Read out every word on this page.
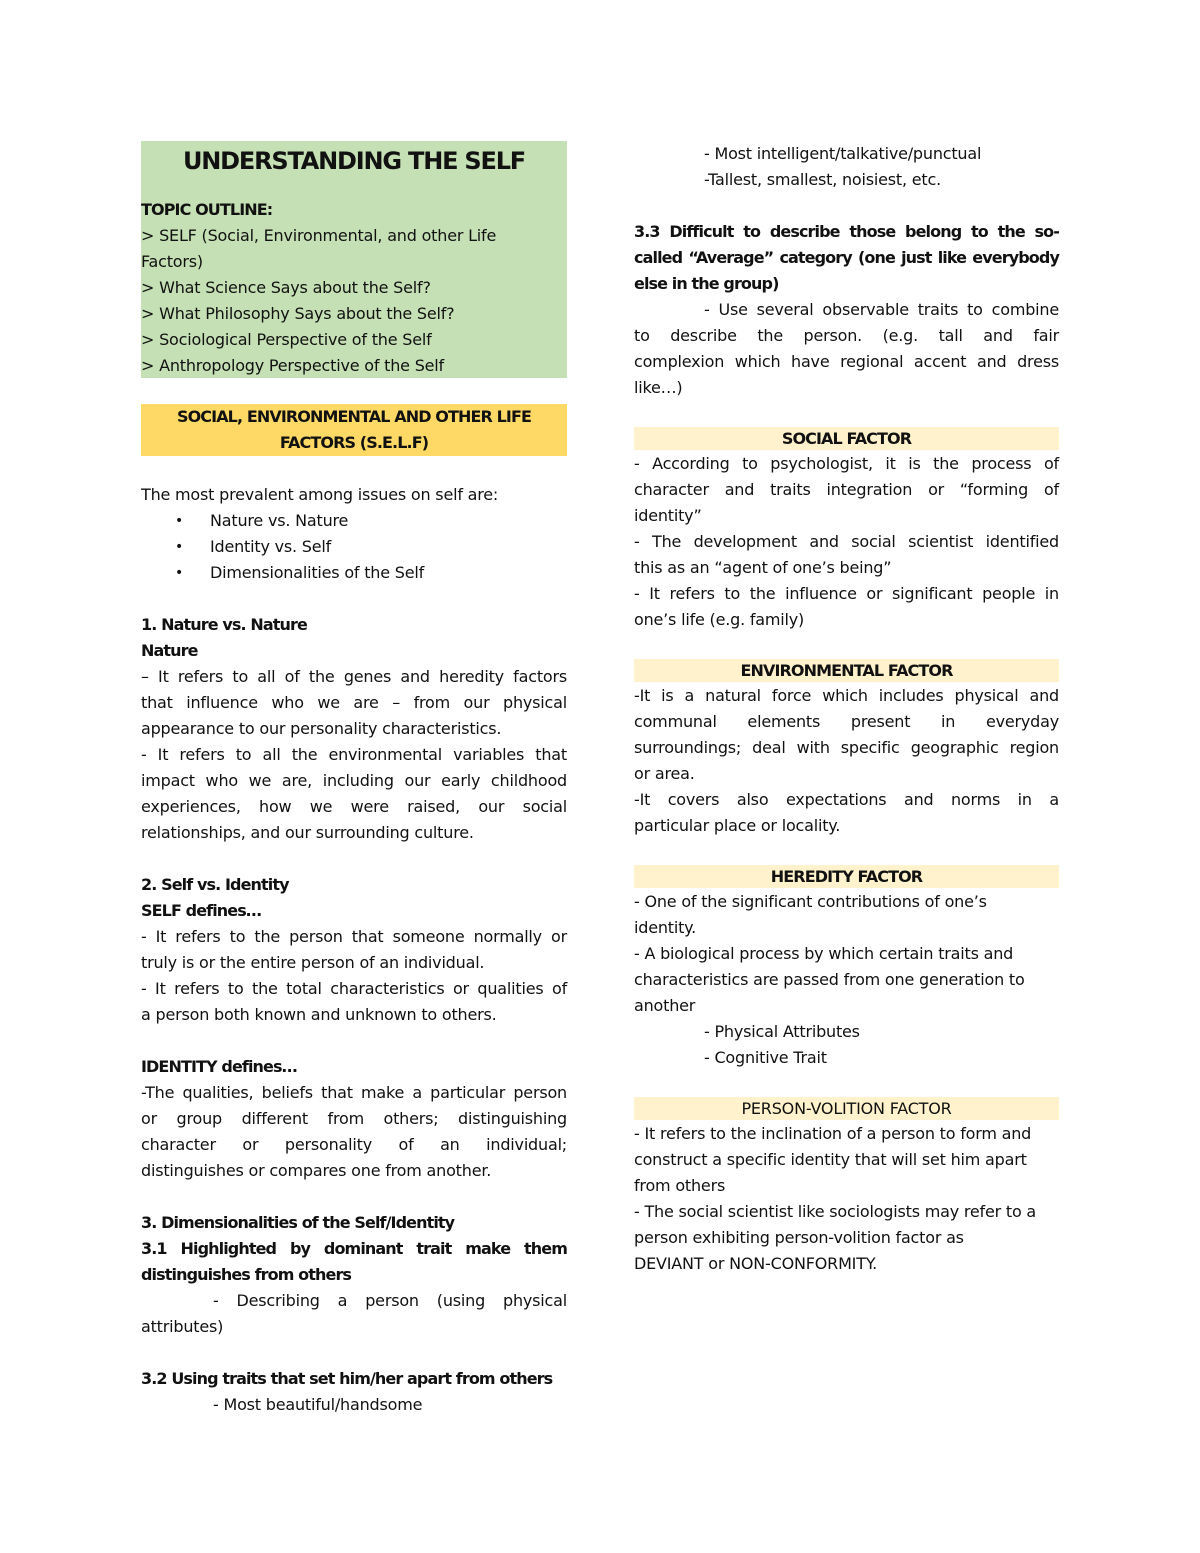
UNDERSTANDING THE SELF
TOPIC OUTLINE:
> SELF (Social, Environmental, and other Life
Factors)
> What Science Says about the Self?
> What Philosophy Says about the Self?
> Sociological Perspective of the Self
> Anthropology Perspective of the Self
SOCIAL, ENVIRONMENTAL AND OTHER LIFE
FACTORS (S.E.L.F)
The most prevalent among issues on self are:
• Nature vs. Nature
• Identity vs. Self
• Dimensionalities of the Self
1. Nature vs. Nature
Nature
– It refers to all of the genes and heredity factors
that influence who we are – from our physical
appearance to our personality characteristics.
- It refers to all the environmental variables that
impact who we are, including our early childhood
experiences, how we were raised, our social
relationships, and our surrounding culture.
2. Self vs. Identity
SELF defines…
- It refers to the person that someone normally or
truly is or the entire person of an individual.
- It refers to the total characteristics or qualities of
a person both known and unknown to others.
IDENTITY defines…
-The qualities, beliefs that make a particular person
or group different from others; distinguishing
character or personality of an individual;
distinguishes or compares one from another.
3. Dimensionalities of the Self/Identity
3.1 Highlighted by dominant trait make them
distinguishes from others
- Describing a person (using physical
attributes)
3.2 Using traits that set him/her apart from others
- Most beautiful/handsome
- Most intelligent/talkative/punctual
-Tallest, smallest, noisiest, etc.
3.3 Difficult to describe those belong to the so-
called “Average” category (one just like everybody
else in the group)
- Use several observable traits to combine
to describe the person. (e.g. tall and fair
complexion which have regional accent and dress
like…)
SOCIAL FACTOR
- According to psychologist, it is the process of
character and traits integration or “forming of
identity”
- The development and social scientist identified
this as an “agent of one’s being”
- It refers to the influence or significant people in
one’s life (e.g. family)
ENVIRONMENTAL FACTOR
-It is a natural force which includes physical and
communal elements present in everyday
surroundings; deal with specific geographic region
or area.
-It covers also expectations and norms in a
particular place or locality.
HEREDITY FACTOR
- One of the significant contributions of one’s
identity.
- A biological process by which certain traits and
characteristics are passed from one generation to
another
- Physical Attributes
- Cognitive Trait
PERSON-VOLITION FACTOR
- It refers to the inclination of a person to form and
construct a specific identity that will set him apart
from others
- The social scientist like sociologists may refer to a
person exhibiting person-volition factor as
DEVIANT or NON-CONFORMITY.
